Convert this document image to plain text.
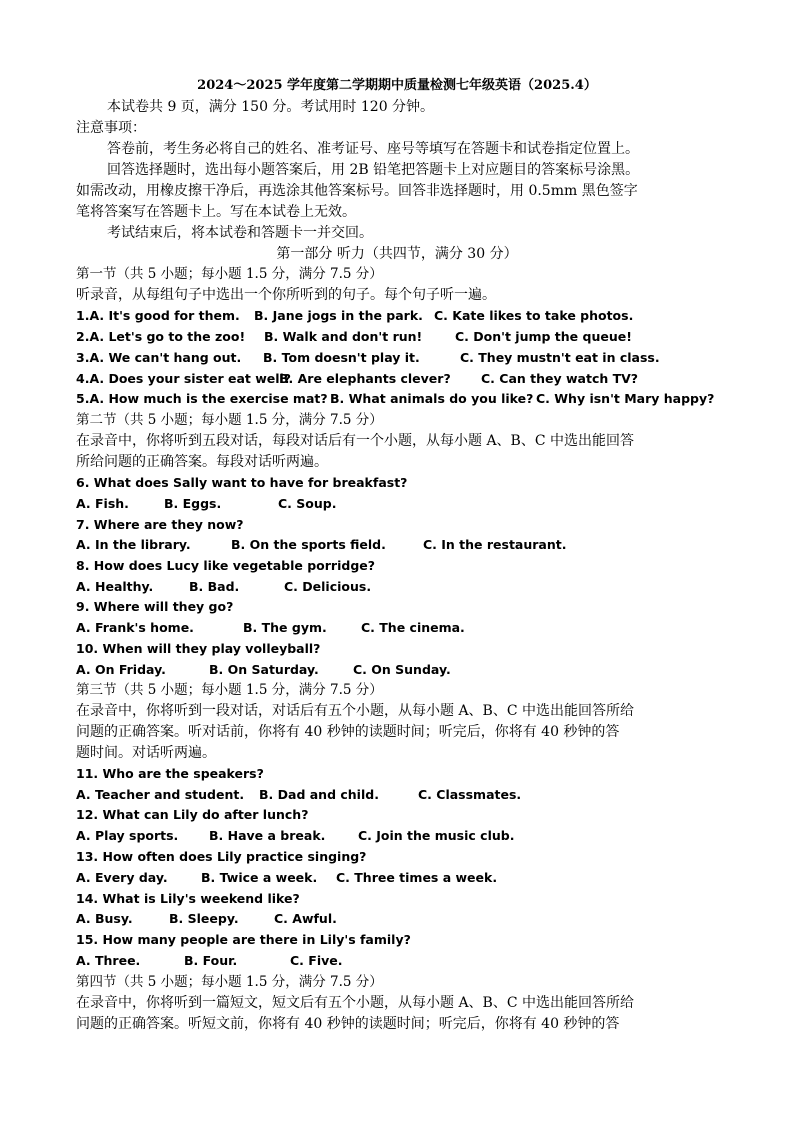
2024～2025 学年度第二学期期中质量检测七年级英语（2025.4）
本试卷共 9 页，满分 150 分。考试用时 120 分钟。
注意事项：
答卷前，考生务必将自己的姓名、准考证号、座号等填写在答题卡和试卷指定位置上。
回答选择题时，选出每小题答案后，用 2B 铅笔把答题卡上对应题目的答案标号涂黑。
如需改动，用橡皮擦干净后，再选涂其他答案标号。回答非选择题时，用 0.5mm 黑色签字
笔将答案写在答题卡上。写在本试卷上无效。
考试结束后，将本试卷和答题卡一并交回。
第一部分 听力（共四节，满分 30 分）
第一节（共 5 小题；每小题 1.5 分，满分 7.5 分）
听录音，从每组句子中选出一个你所听到的句子。每个句子听一遍。
1.A. It's good for them. B. Jane jogs in the park. C. Kate likes to take photos.
2.A. Let's go to the zoo! B. Walk and don't run!	C. Don't jump the queue!
3.A. We can't hang out. B. Tom doesn't play it.	C. They mustn't eat in class.
4.A. Does your sister eat well?
B. Are elephants clever? C. Can they watch TV?
5.A. How much is the exercise mat? B. What animals do you like? C. Why isn't Mary happy?
第二节（共 5 小题；每小题 1.5 分，满分 7.5 分）
在录音中，你将听到五段对话，每段对话后有一个小题，从每小题 A、B、C 中选出能回答
所给问题的正确答案。每段对话听两遍。
6. What does Sally want to have for breakfast?
A. Fish.	B. Eggs.	C. Soup.
7. Where are they now?
A. In the library.	B. On the sports field.	C. In the restaurant.
8. How does Lucy like vegetable porridge?
A. Healthy.	B. Bad.	C. Delicious.
9. Where will they go?
A. Frank's home.	B. The gym.	C. The cinema.
10. When will they play volleyball?
A. On Friday.	B. On Saturday.	C. On Sunday.
第三节（共 5 小题；每小题 1.5 分，满分 7.5 分）
在录音中，你将听到一段对话，对话后有五个小题，从每小题 A、B、C 中选出能回答所给
问题的正确答案。听对话前，你将有 40 秒钟的读题时间；听完后，你将有 40 秒钟的答
题时间。对话听两遍。
11. Who are the speakers?
A. Teacher and student. B. Dad and child.	C. Classmates.
12. What can Lily do after lunch?
A. Play sports. B. Have a break.	C. Join the music club.
13. How often does Lily practice singing?
A. Every day.	B. Twice a week. C. Three times a week.
14. What is Lily's weekend like?
A. Busy.	B. Sleepy.	C. Awful.
15. How many people are there in Lily's family?
A. Three.	B. Four.	C. Five.
第四节（共 5 小题；每小题 1.5 分，满分 7.5 分）
在录音中，你将听到一篇短文，短文后有五个小题，从每小题 A、B、C 中选出能回答所给
问题的正确答案。听短文前，你将有 40 秒钟的读题时间；听完后，你将有 40 秒钟的答
